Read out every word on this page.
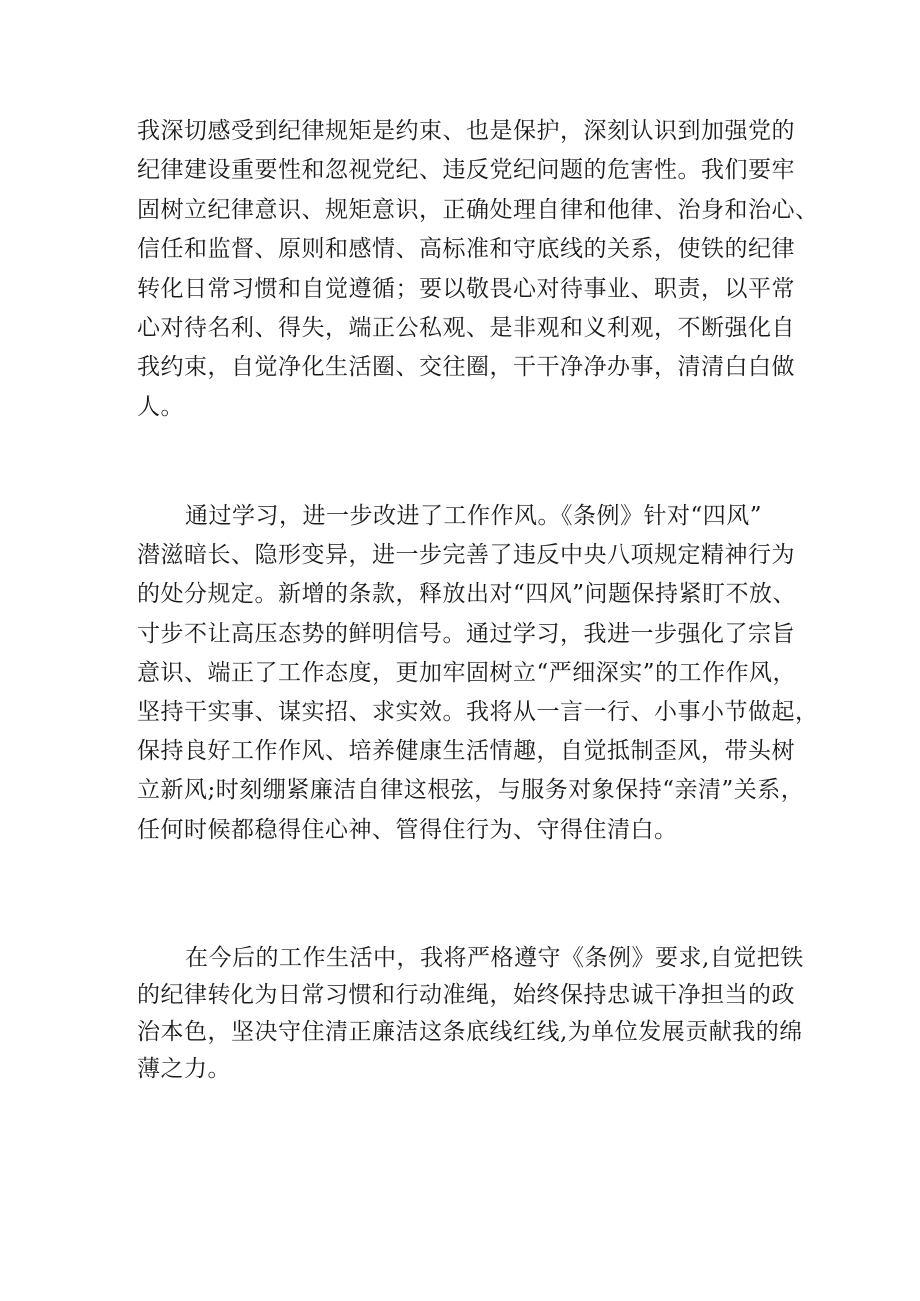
我深切感受到纪律规矩是约束、也是保护，深刻认识到加强党的
纪律建设重要性和忽视党纪、违反党纪问题的危害性。我们要牢
固树立纪律意识、规矩意识，正确处理自律和他律、治身和治心、
信任和监督、原则和感情、高标准和守底线的关系，使铁的纪律
转化日常习惯和自觉遵循；要以敬畏心对待事业、职责，以平常
心对待名利、得失，端正公私观、是非观和义利观，不断强化自
我约束，自觉净化生活圈、交往圈，干干净净办事，清清白白做
人。
通过学习，进一步改进了工作作风。《条例》针对“四风”
潜滋暗长、隐形变异，进一步完善了违反中央八项规定精神行为
的处分规定。新增的条款，释放出对“四风”问题保持紧盯不放、
寸步不让高压态势的鲜明信号。通过学习，我进一步强化了宗旨
意识、端正了工作态度，更加牢固树立“严细深实”的工作作风，
坚持干实事、谋实招、求实效。我将从一言一行、小事小节做起，
保持良好工作作风、培养健康生活情趣，自觉抵制歪风，带头树
立新风;时刻绷紧廉洁自律这根弦，与服务对象保持“亲清”关系，
任何时候都稳得住心神、管得住行为、守得住清白。
在今后的工作生活中，我将严格遵守《条例》要求,自觉把铁
的纪律转化为日常习惯和行动准绳，始终保持忠诚干净担当的政
治本色，坚决守住清正廉洁这条底线红线,为单位发展贡献我的绵
薄之力。
